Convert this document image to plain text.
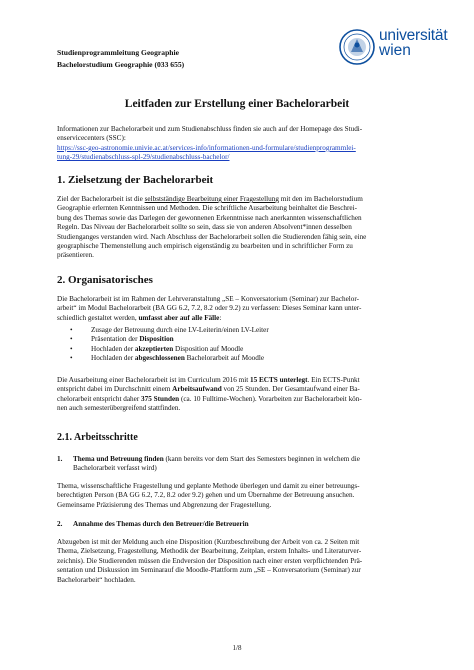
Studienprogrammleitung Geographie
Bachelorstudium Geographie (033 655)
universität
wien
Leitfaden zur Erstellung einer Bachelorarbeit

Informationen zur Bachelorarbeit und zum Studienabschluss finden sie auch auf der Homepage des Studi-

enservicecenters (SSC):

https://ssc-geo-astronomie.univie.ac.at/services-info/informationen-und-formulare/studienprogrammlei-

tung-29/studienabschluss-spl-29/studienabschluss-bachelor/

1. Zielsetzung der Bachelorarbeit

Ziel der Bachelorarbeit ist die selbstständige Bearbeitung einer Fragestellung mit den im Bachelorstudium

Geographie erlernten Kenntnissen und Methoden. Die schriftliche Ausarbeitung beinhaltet die Beschrei-

bung des Themas sowie das Darlegen der gewonnenen Erkenntnisse nach anerkannten wissenschaftlichen

Regeln. Das Niveau der Bachelorarbeit sollte so sein, dass sie von anderen Absolvent*innen desselben

Studienganges verstanden wird. Nach Abschluss der Bachelorarbeit sollen die Studierenden fähig sein, eine

geographische Themenstellung auch empirisch eigenständig zu bearbeiten und in schriftlicher Form zu

präsentieren.

2. Organisatorisches

Die Bachelorarbeit ist im Rahmen der Lehrveranstaltung „SE – Konversatorium (Seminar) zur Bachelor-

arbeit“ im Modul Bachelorarbeit (BA GG 6.2, 7.2, 8.2 oder 9.2) zu verfassen: Dieses Seminar kann unter-

schiedlich gestaltet werden, umfasst aber auf alle Fälle:

•	Zusage der Betreuung durch eine LV-Leiterin/einen LV-Leiter
•	Präsentation der Disposition
•	Hochladen der akzeptierten Disposition auf Moodle
•	Hochladen der abgeschlossenen Bachelorarbeit auf Moodle

Die Ausarbeitung einer Bachelorarbeit ist im Curriculum 2016 mit 15 ECTS unterlegt. Ein ECTS-Punkt

entspricht dabei im Durchschnitt einem Arbeitsaufwand von 25 Stunden. Der Gesamtaufwand einer Ba-

chelorarbeit entspricht daher 375 Stunden (ca. 10 Fulltime-Wochen). Vorarbeiten zur Bachelorarbeit kön-

nen auch semesterübergreifend stattfinden.

2.1. Arbeitsschritte
1. Thema und Betreuung finden (kann bereits vor dem Start des Semesters beginnen in welchem die

Bachelorarbeit verfasst wird)

Thema, wissenschaftliche Fragestellung und geplante Methode überlegen und damit zu einer betreuungs-

berechtigten Person (BA GG 6.2, 7.2, 8.2 oder 9.2) gehen und um Übernahme der Betreuung ansuchen.

Gemeinsame Präzisierung des Themas und Abgrenzung der Fragestellung.

2. Annahme des Themas durch den Betreuer/die Betreuerin

Abzugeben ist mit der Meldung auch eine Disposition (Kurzbeschreibung der Arbeit von ca. 2 Seiten mit

Thema, Zielsetzung, Fragestellung, Methodik der Bearbeitung, Zeitplan, erstem Inhalts- und Literaturver-

zeichnis). Die Studierenden müssen die Endversion der Disposition nach einer ersten verpflichtenden Prä-

sentation und Diskussion im Seminarauf die Moodle-Plattform zum „SE – Konversatorium (Seminar) zur

Bachelorarbeit“ hochladen.

1/8
